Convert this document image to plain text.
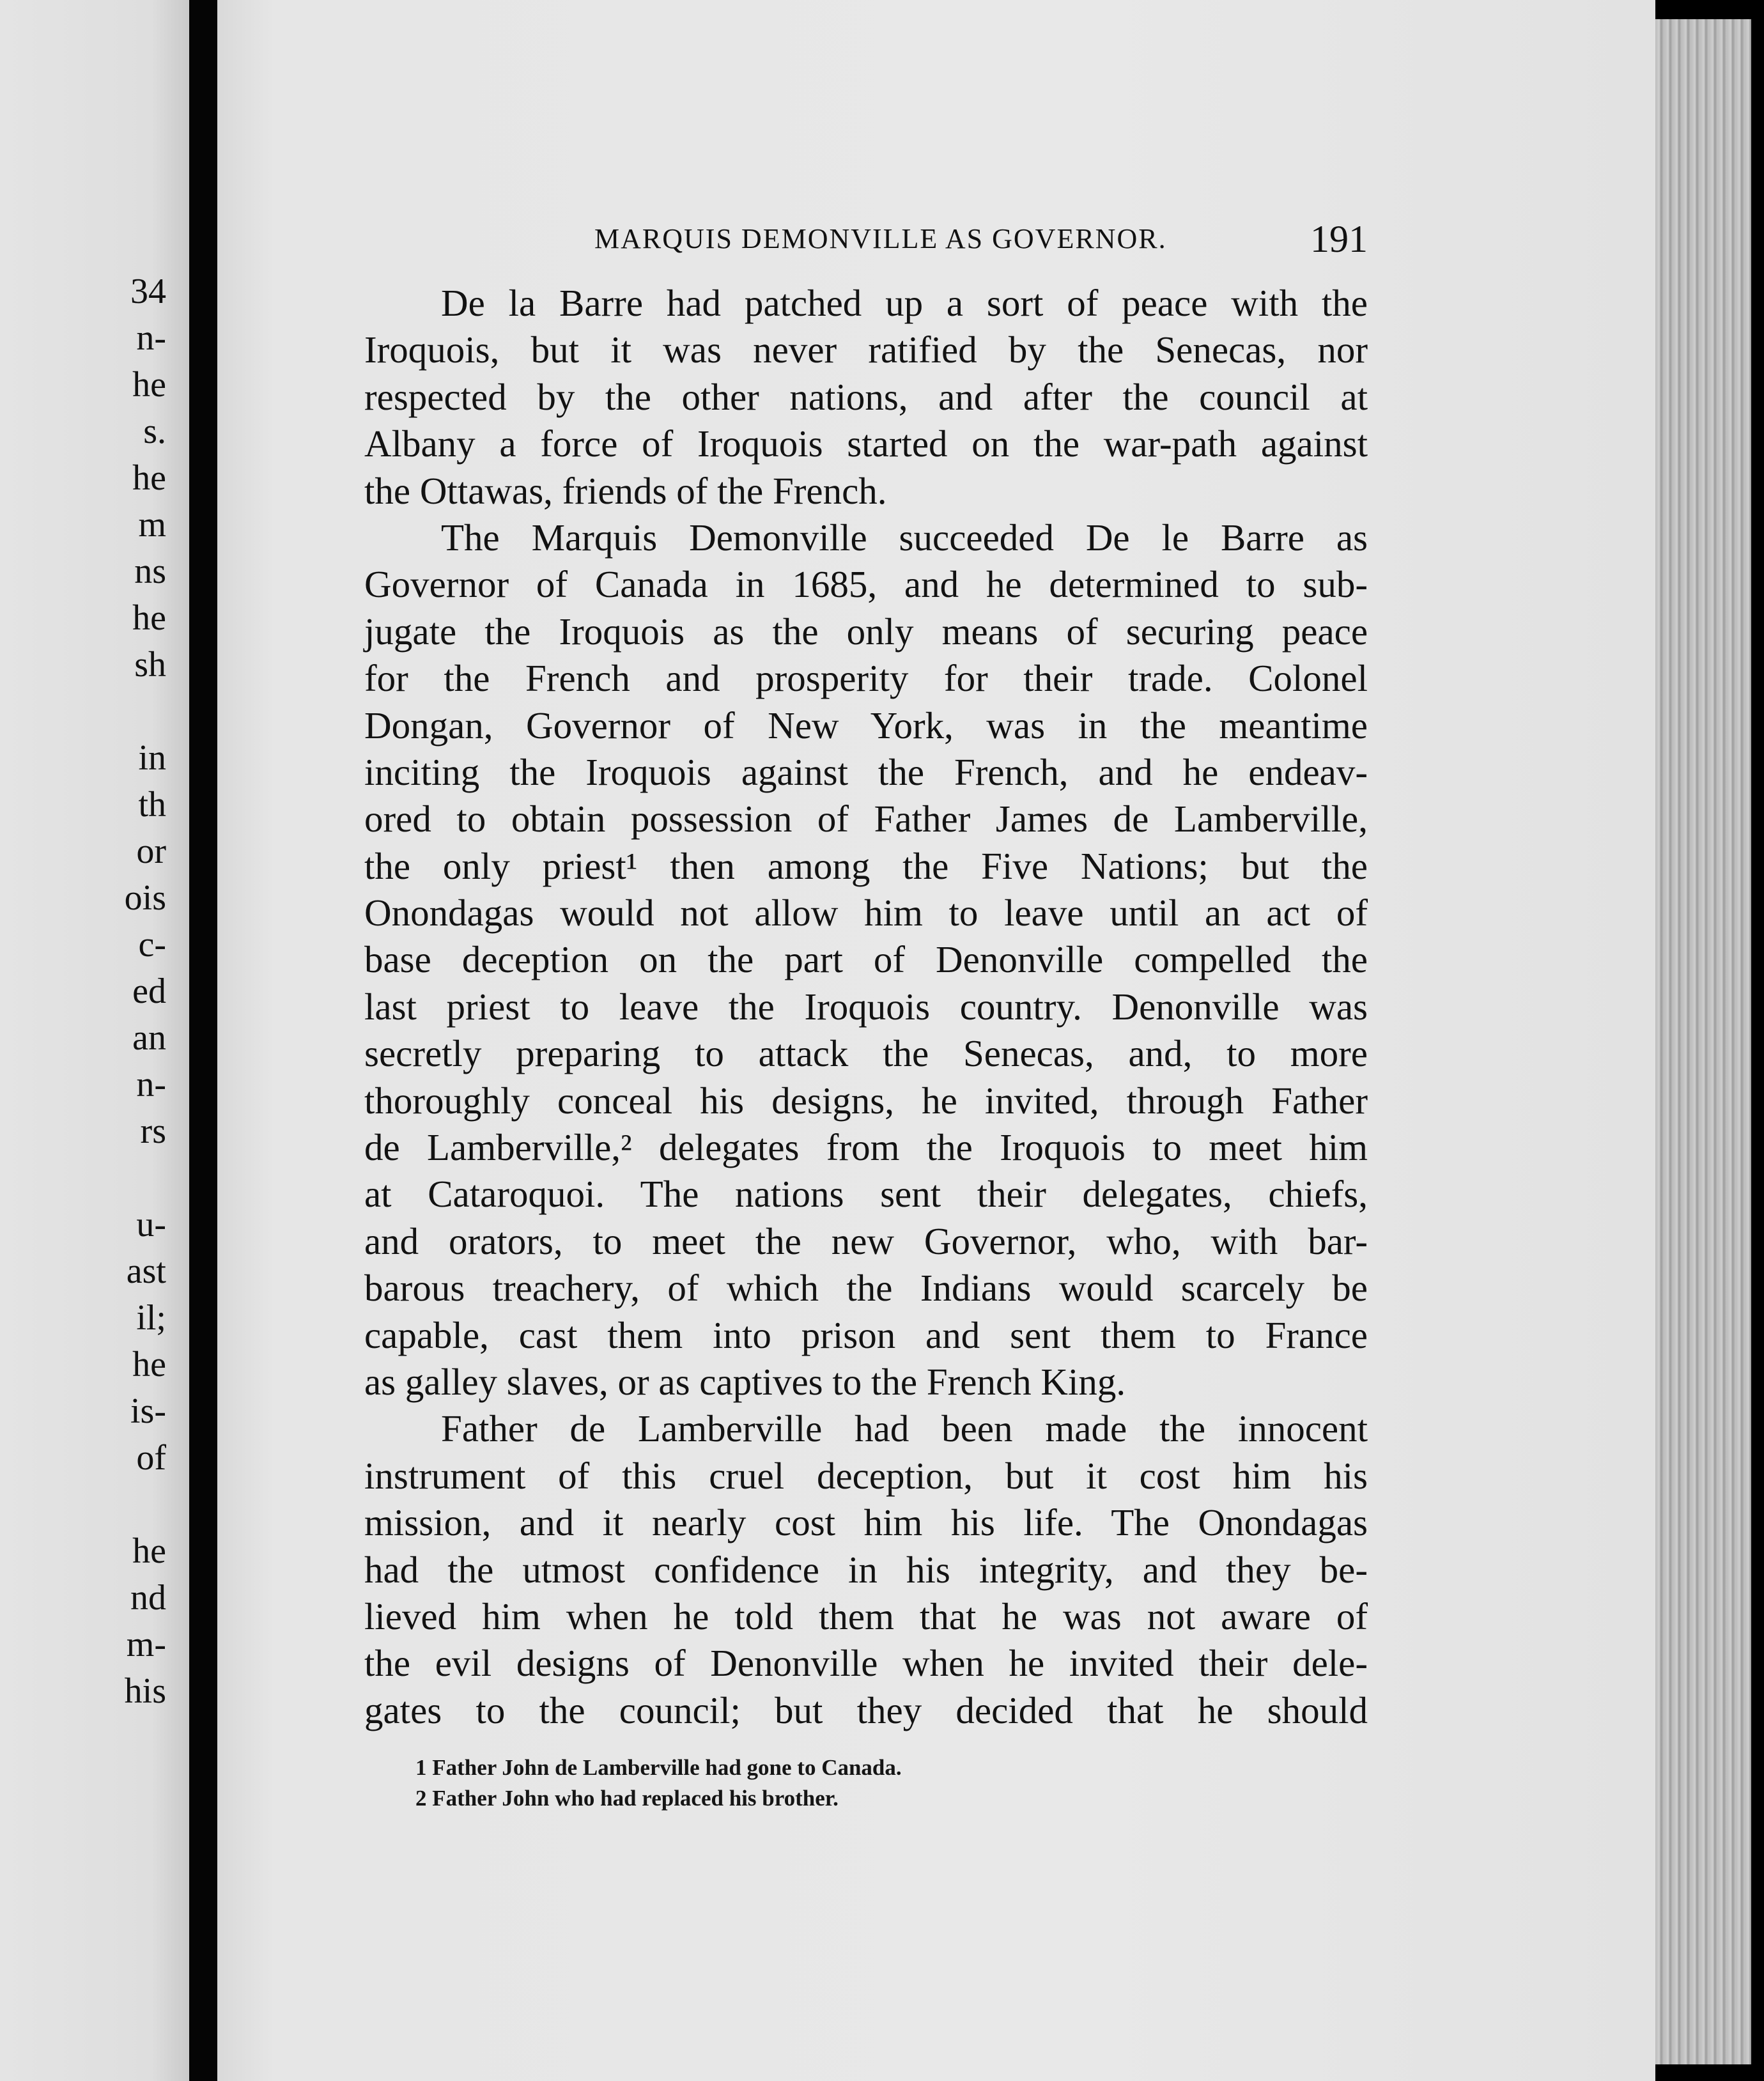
34
n-
he
s.
he
m
ns
he
sh
in
th
or
ois
c-
ed
an
n-
rs
u-
ast
il;
he
is-
of
he
nd
m-
his
MARQUIS DEMONVILLE AS GOVERNOR.	191
De la Barre had patched up a sort of peace with the
Iroquois, but it was never ratified by the Senecas, nor
respected by the other nations, and after the council at
Albany a force of Iroquois started on the war-path against
the Ottawas, friends of the French.
The Marquis Demonville succeeded De le Barre as
Governor of Canada in 1685, and he determined to sub-
jugate the Iroquois as the only means of securing peace
for the French and prosperity for their trade. Colonel
Dongan, Governor of New York, was in the meantime
inciting the Iroquois against the French, and he endeav-
ored to obtain possession of Father James de Lamberville,
the only priest¹ then among the Five Nations; but the
Onondagas would not allow him to leave until an act of
base deception on the part of Denonville compelled the
last priest to leave the Iroquois country. Denonville was
secretly preparing to attack the Senecas, and, to more
thoroughly conceal his designs, he invited, through Father
de Lamberville,² delegates from the Iroquois to meet him
at Cataroquoi. The nations sent their delegates, chiefs,
and orators, to meet the new Governor, who, with bar-
barous treachery, of which the Indians would scarcely be
capable, cast them into prison and sent them to France
as galley slaves, or as captives to the French King.
Father de Lamberville had been made the innocent
instrument of this cruel deception, but it cost him his
mission, and it nearly cost him his life. The Onondagas
had the utmost confidence in his integrity, and they be-
lieved him when he told them that he was not aware of
the evil designs of Denonville when he invited their dele-
gates to the council; but they decided that he should
1 Father John de Lamberville had gone to Canada.
2 Father John who had replaced his brother.
